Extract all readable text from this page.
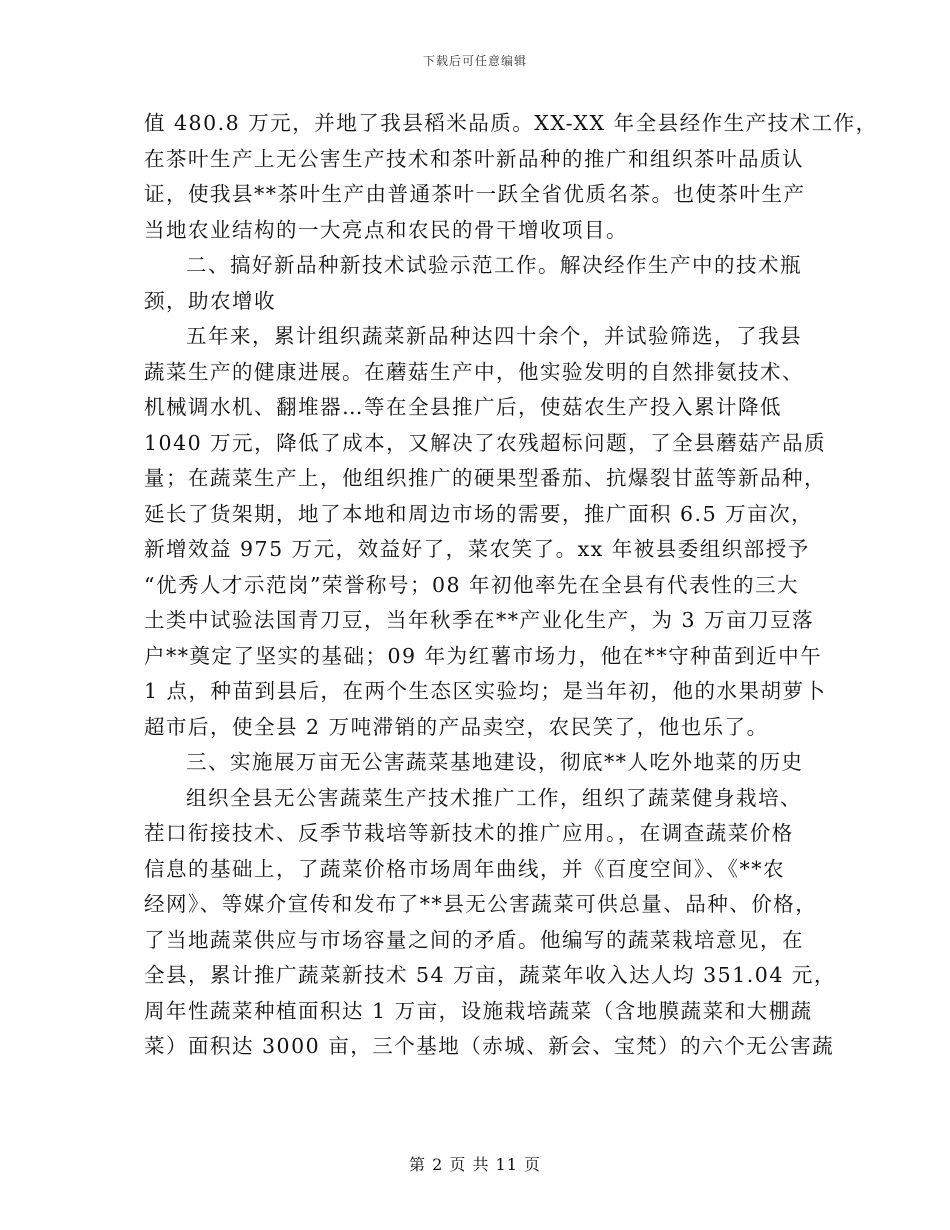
下载后可任意编辑
值 480.8 万元，并地了我县稻米品质。XX-XX 年全县经作生产技术工作，
在茶叶生产上无公害生产技术和茶叶新品种的推广和组织茶叶品质认
证，使我县**茶叶生产由普通茶叶一跃全省优质名茶。也使茶叶生产
当地农业结构的一大亮点和农民的骨干增收项目。
二、搞好新品种新技术试验示范工作。解决经作生产中的技术瓶
颈，助农增收
五年来，累计组织蔬菜新品种达四十余个，并试验筛选，了我县
蔬菜生产的健康进展。在蘑菇生产中，他实验发明的自然排氨技术、
机械调水机、翻堆器…等在全县推广后，使菇农生产投入累计降低
1040 万元，降低了成本，又解决了农残超标问题，了全县蘑菇产品质
量；在蔬菜生产上，他组织推广的硬果型番茄、抗爆裂甘蓝等新品种，
延长了货架期，地了本地和周边市场的需要，推广面积 6.5 万亩次，
新增效益 975 万元，效益好了，菜农笑了。xx 年被县委组织部授予
“优秀人才示范岗”荣誉称号；08 年初他率先在全县有代表性的三大
土类中试验法国青刀豆，当年秋季在**产业化生产，为 3 万亩刀豆落
户**奠定了坚实的基础；09 年为红薯市场力，他在**守种苗到近中午
1 点，种苗到县后，在两个生态区实验均；是当年初，他的水果胡萝卜
超市后，使全县 2 万吨滞销的产品卖空，农民笑了，他也乐了。
三、实施展万亩无公害蔬菜基地建设，彻底**人吃外地菜的历史
组织全县无公害蔬菜生产技术推广工作，组织了蔬菜健身栽培、
茬口衔接技术、反季节栽培等新技术的推广应用。，在调查蔬菜价格
信息的基础上，了蔬菜价格市场周年曲线，并《百度空间》、《**农
经网》、等媒介宣传和发布了**县无公害蔬菜可供总量、品种、价格，
了当地蔬菜供应与市场容量之间的矛盾。他编写的蔬菜栽培意见，在
全县，累计推广蔬菜新技术 54 万亩，蔬菜年收入达人均 351.04 元，
周年性蔬菜种植面积达 1 万亩，设施栽培蔬菜（含地膜蔬菜和大棚蔬
菜）面积达 3000 亩，三个基地（赤城、新会、宝梵）的六个无公害蔬
第 2 页 共 11 页
